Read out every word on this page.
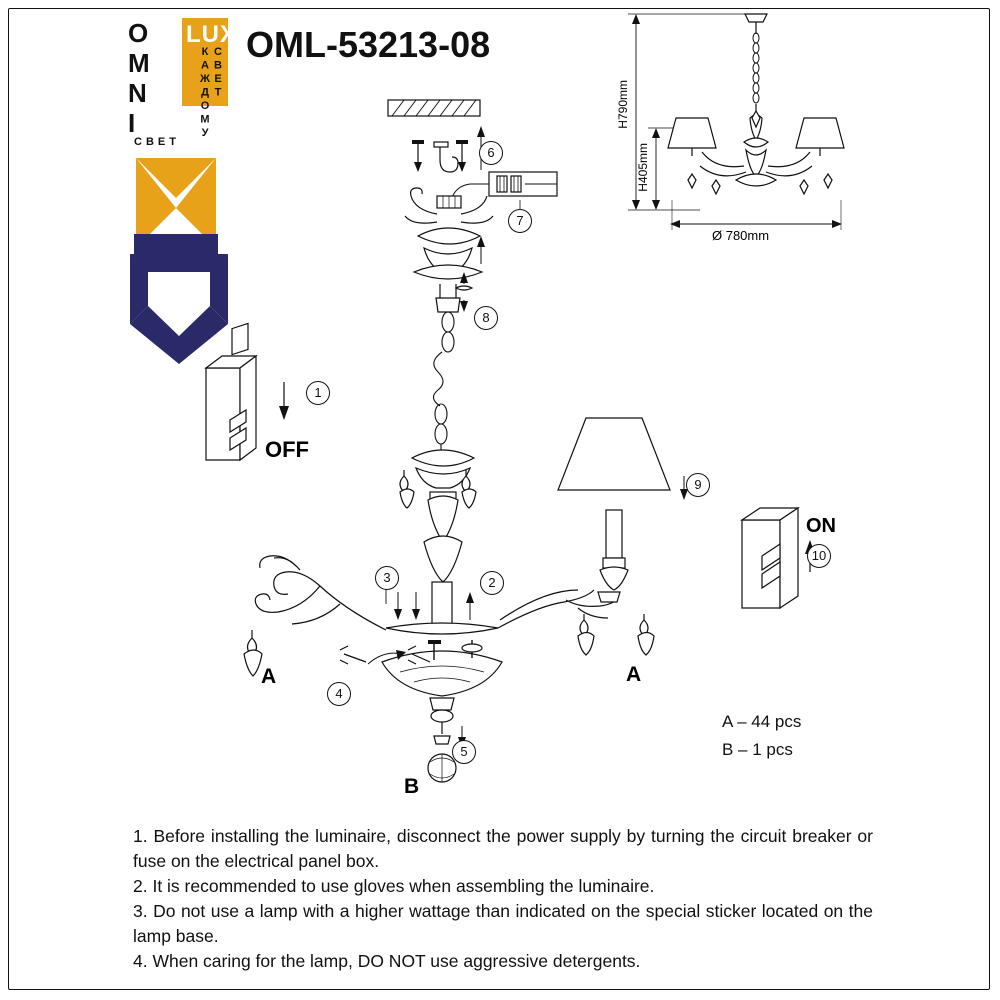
O
M
N
I
LUX
СВЕТ КАЖДОМУ
СВЕТ
OML-53213-08
1
2
3
4
5
6
7
8
9
10
OFF
ON
A	A
B
H790mm
H405mm
Ø 780mm
A – 44 pcs
B – 1 pcs

1. Before installing the luminaire, disconnect the power supply by turning the circuit breaker or fuse on the electrical panel box.

2. It is recommended to use gloves when assembling the luminaire.

3. Do not use a lamp with a higher wattage than indicated on the special sticker located on the lamp base.

4. When caring for the lamp, DO NOT use aggressive detergents.
